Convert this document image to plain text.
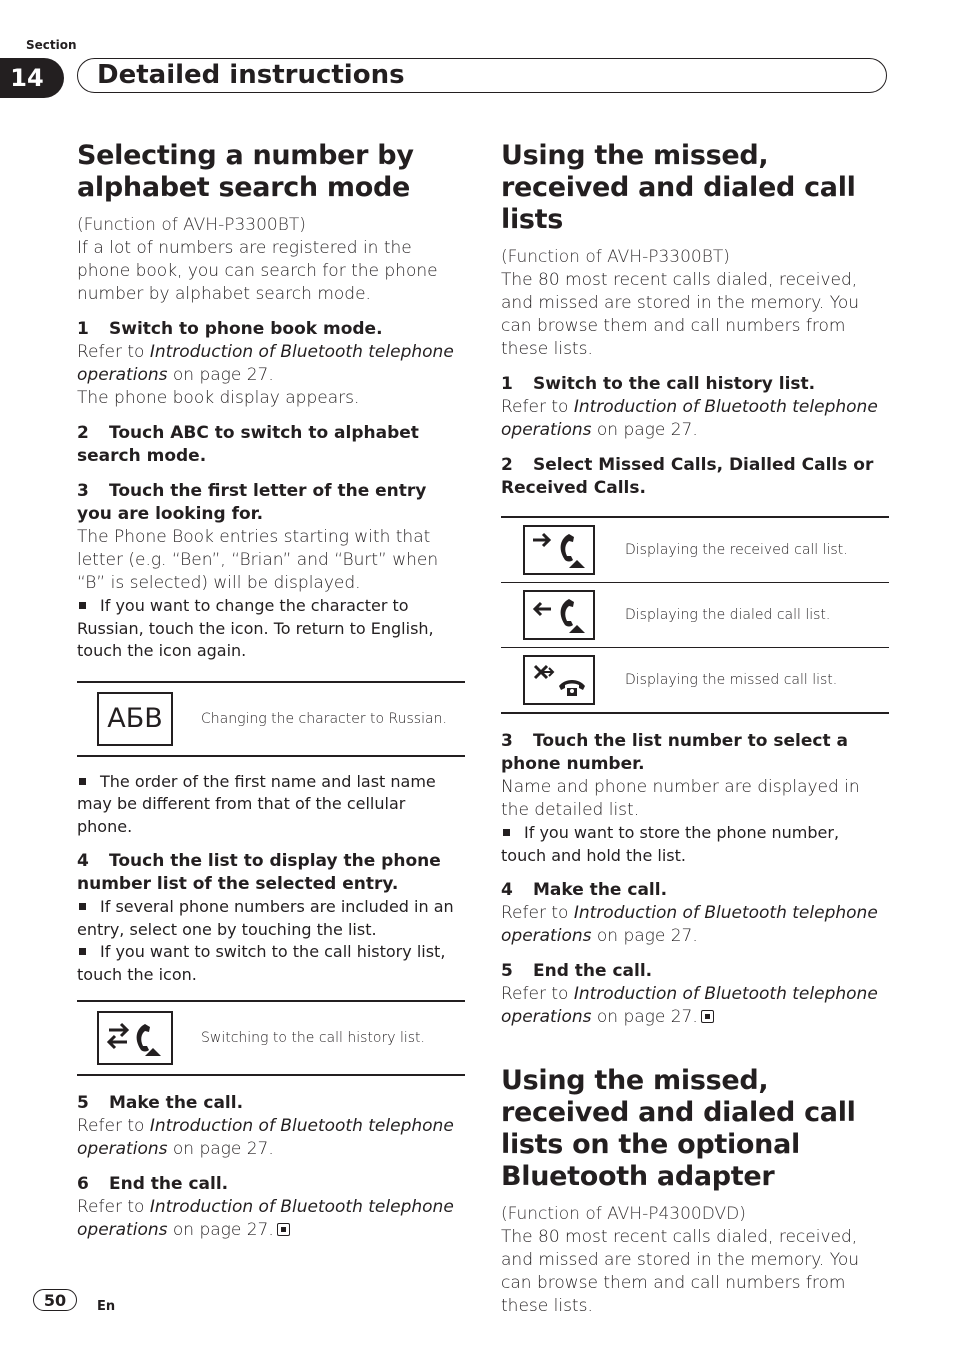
Section
14	Detailed instructions
Selecting a number by alphabet search mode
(Function of AVH-P3300BT)
If a lot of numbers are registered in the phone book, you can search for the phone number by alphabet search mode.
1 Switch to phone book mode.
Refer to Introduction of Bluetooth telephone operations on page 27.
The phone book display appears.
2 Touch ABC to switch to alphabet search mode.
3 Touch the first letter of the entry you are looking for.
The Phone Book entries starting with that letter (e.g. “Ben”, “Brian” and “Burt” when “B” is selected) will be displayed.
If you want to change the character to Russian, touch the icon. To return to English, touch the icon again.
АБВ	Changing the character to Russian.
The order of the first name and last name may be different from that of the cellular phone.
4 Touch the list to display the phone number list of the selected entry.
If several phone numbers are included in an entry, select one by touching the list.
If you want to switch to the call history list, touch the icon.
Switching to the call history list.
5 Make the call.
Refer to Introduction of Bluetooth telephone operations on page 27.
6 End the call.
Refer to Introduction of Bluetooth telephone operations on page 27.
Using the missed, received and dialed call lists
(Function of AVH-P3300BT)
The 80 most recent calls dialed, received, and missed are stored in the memory. You can browse them and call numbers from these lists.
1 Switch to the call history list.
Refer to Introduction of Bluetooth telephone operations on page 27.
2 Select Missed Calls, Dialled Calls or Received Calls.
Displaying the received call list.
Displaying the dialed call list.
Displaying the missed call list.
3 Touch the list number to select a phone number.
Name and phone number are displayed in the detailed list.
If you want to store the phone number, touch and hold the list.
4 Make the call.
Refer to Introduction of Bluetooth telephone operations on page 27.
5 End the call.
Refer to Introduction of Bluetooth telephone operations on page 27.
Using the missed, received and dialed call lists on the optional Bluetooth adapter
(Function of AVH-P4300DVD)
The 80 most recent calls dialed, received, and missed are stored in the memory. You can browse them and call numbers from these lists.
50	En
